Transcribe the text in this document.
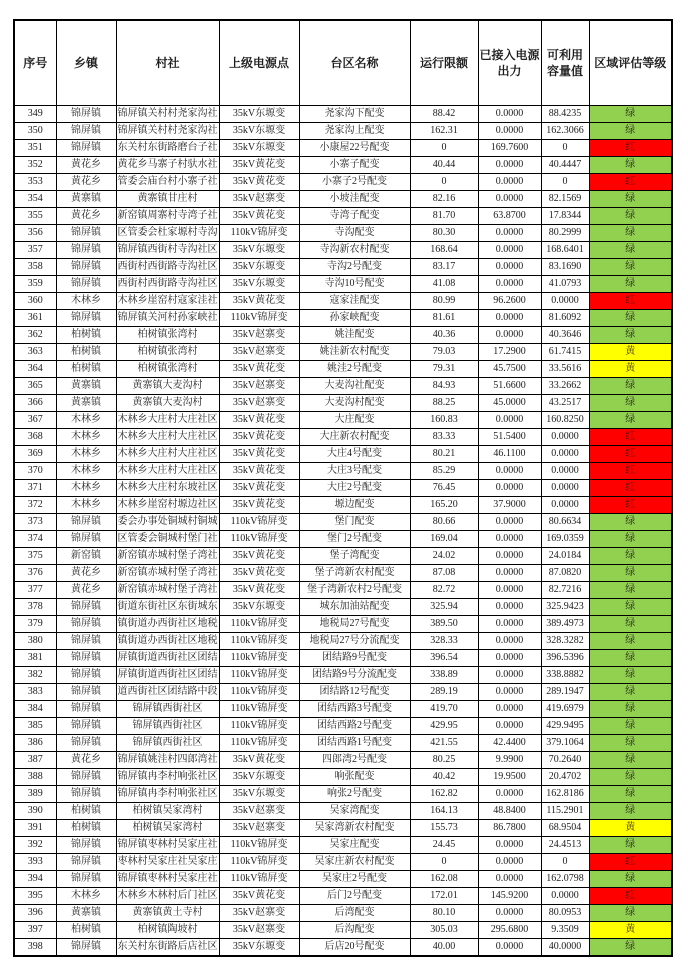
序号	乡镇	村社	上级电源点	台区名称	运行限额	已接入电源出力	可利用容量值	区域评估等级
349	锦屏镇	锦屏镇关村村尧家沟社	35kV东塬变	尧家沟下配变	88.42	0.0000	88.4235	绿
350	锦屏镇	锦屏镇关村村尧家沟社	35kV东塬变	尧家沟上配变	162.31	0.0000	162.3066	绿
351	锦屏镇	东关村东街路磨台子社	35kV东塬变	小康屋22号配变	0	169.7600	0	红
352	黄花乡	黄花乡马寨子村驮水社	35kV黄花变	小寨子配变	40.44	0.0000	40.4447	绿
353	黄花乡	管委会庙台村小寨子社	35kV黄花变	小寨子2号配变	0	0.0000	0	红
354	黄寨镇	黄寨镇甘庄村	35kV赵寨变	小坡洼配变	82.16	0.0000	82.1569	绿
355	黄花乡	新窑镇周寨村寺湾子社	35kV黄花变	寺湾子配变	81.70	63.8700	17.8344	绿
356	锦屏镇	区管委会杜家塬村寺沟	110kV锦屏变	寺沟配变	80.30	0.0000	80.2999	绿
357	锦屏镇	锦屏镇西街村寺沟社区	35kV东塬变	寺沟新农村配变	168.64	0.0000	168.6401	绿
358	锦屏镇	西街村西街路寺沟社区	35kV东塬变	寺沟2号配变	83.17	0.0000	83.1690	绿
359	锦屏镇	西街村西街路寺沟社区	35kV东塬变	寺沟10号配变	41.08	0.0000	41.0793	绿
360	木林乡	木林乡崖窑村寇家洼社	35kV黄花变	寇家洼配变	80.99	96.2600	0.0000	红
361	锦屏镇	锦屏镇关河村孙家峡社	110kV锦屏变	孙家峡配变	81.61	0.0000	81.6092	绿
362	柏树镇	柏树镇张湾村	35kV赵寨变	姚洼配变	40.36	0.0000	40.3646	绿
363	柏树镇	柏树镇张湾村	35kV赵寨变	姚洼新农村配变	79.03	17.2900	61.7415	黄
364	柏树镇	柏树镇张湾村	35kV黄花变	姚洼2号配变	79.31	45.7500	33.5616	黄
365	黄寨镇	黄寨镇大麦沟村	35kV赵寨变	大麦沟社配变	84.93	51.6600	33.2662	绿
366	黄寨镇	黄寨镇大麦沟村	35kV赵寨变	大麦沟村配变	88.25	45.0000	43.2517	绿
367	木林乡	木林乡大庄村大庄社区	35kV黄花变	大庄配变	160.83	0.0000	160.8250	绿
368	木林乡	木林乡大庄村大庄社区	35kV黄花变	大庄新农村配变	83.33	51.5400	0.0000	红
369	木林乡	木林乡大庄村大庄社区	35kV黄花变	大庄4号配变	80.21	46.1100	0.0000	红
370	木林乡	木林乡大庄村大庄社区	35kV黄花变	大庄3号配变	85.29	0.0000	0.0000	红
371	木林乡	木林乡大庄村东坡社区	35kV黄花变	大庄2号配变	76.45	0.0000	0.0000	红
372	木林乡	木林乡崖窑村塬边社区	35kV黄花变	塬边配变	165.20	37.9000	0.0000	红
373	锦屏镇	委会办事处铜城村铜城	110kV锦屏变	堡门配变	80.66	0.0000	80.6634	绿
374	锦屏镇	区管委会铜城村堡门社	110kV锦屏变	堡门2号配变	169.04	0.0000	169.0359	绿
375	新窑镇	新窑镇赤城村堡子湾社	35kV黄花变	堡子湾配变	24.02	0.0000	24.0184	绿
376	黄花乡	新窑镇赤城村堡子湾社	35kV黄花变	堡子湾新农村配变	87.08	0.0000	87.0820	绿
377	黄花乡	新窑镇赤城村堡子湾社	35kV黄花变	堡子湾新农村2号配变	82.72	0.0000	82.7216	绿
378	锦屏镇	街道东街社区东街城东	35kV东塬变	城东加油站配变	325.94	0.0000	325.9423	绿
379	锦屏镇	镇街道办西街社区地税	110kV锦屏变	地税局27号配变	389.50	0.0000	389.4973	绿
380	锦屏镇	镇街道办西街社区地税	110kV锦屏变	地税局27号分流配变	328.33	0.0000	328.3282	绿
381	锦屏镇	屏镇街道西街社区团结	110kV锦屏变	团结路9号配变	396.54	0.0000	396.5396	绿
382	锦屏镇	屏镇街道西街社区团结	110kV锦屏变	团结路9号分流配变	338.89	0.0000	338.8882	绿
383	锦屏镇	道西街社区团结路中段	110kV锦屏变	团结路12号配变	289.19	0.0000	289.1947	绿
384	锦屏镇	锦屏镇西街社区	110kV锦屏变	团结西路3号配变	419.70	0.0000	419.6979	绿
385	锦屏镇	锦屏镇西街社区	110kV锦屏变	团结西路2号配变	429.95	0.0000	429.9495	绿
386	锦屏镇	锦屏镇西街社区	110kV锦屏变	团结西路1号配变	421.55	42.4400	379.1064	绿
387	黄花乡	锦屏镇姚洼村四郎湾社	35kV黄花变	四郎湾2号配变	80.25	9.9900	70.2640	绿
388	锦屏镇	锦屏镇冉李村响张社区	35kV东塬变	响张配变	40.42	19.9500	20.4702	绿
389	锦屏镇	锦屏镇冉李村响张社区	35kV东塬变	响张2号配变	162.82	0.0000	162.8186	绿
390	柏树镇	柏树镇吴家湾村	35kV赵寨变	吴家湾配变	164.13	48.8400	115.2901	绿
391	柏树镇	柏树镇吴家湾村	35kV赵寨变	吴家湾新农村配变	155.73	86.7800	68.9504	黄
392	锦屏镇	锦屏镇枣林村吴家庄社	110kV锦屏变	吴家庄配变	24.45	0.0000	24.4513	绿
393	锦屏镇	枣林村吴家庄社吴家庄	110kV锦屏变	吴家庄新农村配变	0	0.0000	0	红
394	锦屏镇	锦屏镇枣林村吴家庄社	110kV锦屏变	吴家庄2号配变	162.08	0.0000	162.0798	绿
395	木林乡	木林乡木林村后门社区	35kV黄花变	后门2号配变	172.01	145.9200	0.0000	红
396	黄寨镇	黄寨镇黄土寺村	35kV赵寨变	后湾配变	80.10	0.0000	80.0953	绿
397	柏树镇	柏树镇陶坡村	35kV赵寨变	后沟配变	305.03	295.6800	9.3509	黄
398	锦屏镇	东关村东街路后店社区	35kV东塬变	后店20号配变	40.00	0.0000	40.0000	绿
